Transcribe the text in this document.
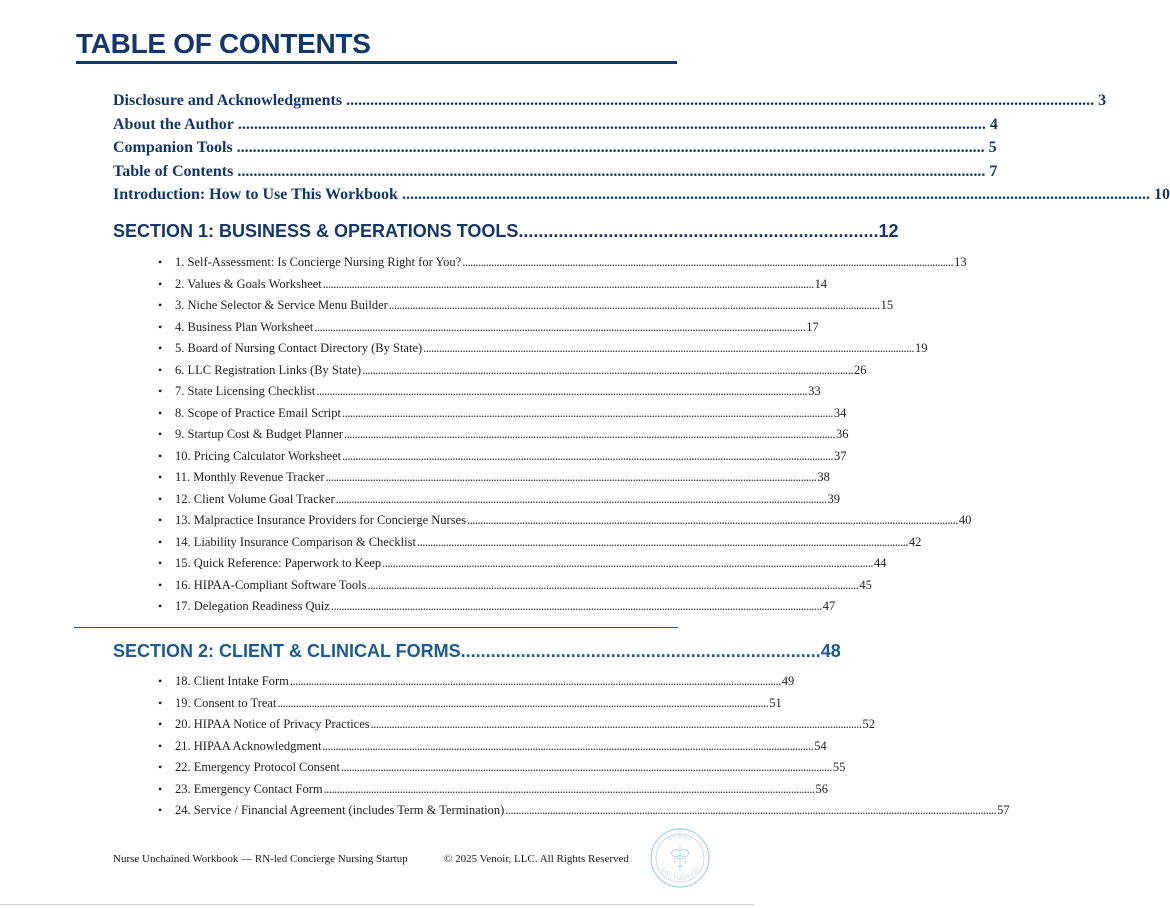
TABLE OF CONTENTS
Disclosure and Acknowledgments ........................................................................................................................................................................................... 3
About the Author ........................................................................................................................................................................................... 4
Companion Tools ........................................................................................................................................................................................... 5
Table of Contents ........................................................................................................................................................................................... 7
Introduction: How to Use This Workbook ........................................................................................................................................................................................... 10
SECTION 1: BUSINESS & OPERATIONS TOOLS ........................................................................ 12
•	1. Self-Assessment: Is Concierge Nursing Right for You? ........................................................................................................................................................................................... 13
•	2. Values & Goals Worksheet ........................................................................................................................................................................................... 14
•	3. Niche Selector & Service Menu Builder ........................................................................................................................................................................................... 15
•	4. Business Plan Worksheet ........................................................................................................................................................................................... 17
•	5. Board of Nursing Contact Directory (By State) ........................................................................................................................................................................................... 19
•	6. LLC Registration Links (By State) ........................................................................................................................................................................................... 26
•	7. State Licensing Checklist ........................................................................................................................................................................................... 33
•	8. Scope of Practice Email Script ........................................................................................................................................................................................... 34
•	9. Startup Cost & Budget Planner ........................................................................................................................................................................................... 36
•	10. Pricing Calculator Worksheet ........................................................................................................................................................................................... 37
•	11. Monthly Revenue Tracker ........................................................................................................................................................................................... 38
•	12. Client Volume Goal Tracker ........................................................................................................................................................................................... 39
•	13. Malpractice Insurance Providers for Concierge Nurses ........................................................................................................................................................................................... 40
•	14. Liability Insurance Comparison & Checklist ........................................................................................................................................................................................... 42
•	15. Quick Reference: Paperwork to Keep ........................................................................................................................................................................................... 44
•	16. HIPAA-Compliant Software Tools ........................................................................................................................................................................................... 45
•	17. Delegation Readiness Quiz ........................................................................................................................................................................................... 47
SECTION 2: CLIENT & CLINICAL FORMS ........................................................................ 48
•	18. Client Intake Form ........................................................................................................................................................................................... 49
•	19. Consent to Treat ........................................................................................................................................................................................... 51
•	20. HIPAA Notice of Privacy Practices ........................................................................................................................................................................................... 52
•	21. HIPAA Acknowledgment ........................................................................................................................................................................................... 54
•	22. Emergency Protocol Consent ........................................................................................................................................................................................... 55
•	23. Emergency Contact Form ........................................................................................................................................................................................... 56
•	24. Service / Financial Agreement (includes Term & Termination) ........................................................................................................................................................................................... 57
Nurse Unchained Workbook — RN-led Concierge Nursing Startup	© 2025 Venoir, LLC. All Rights Reserved
NURSE
UNCHAINED
